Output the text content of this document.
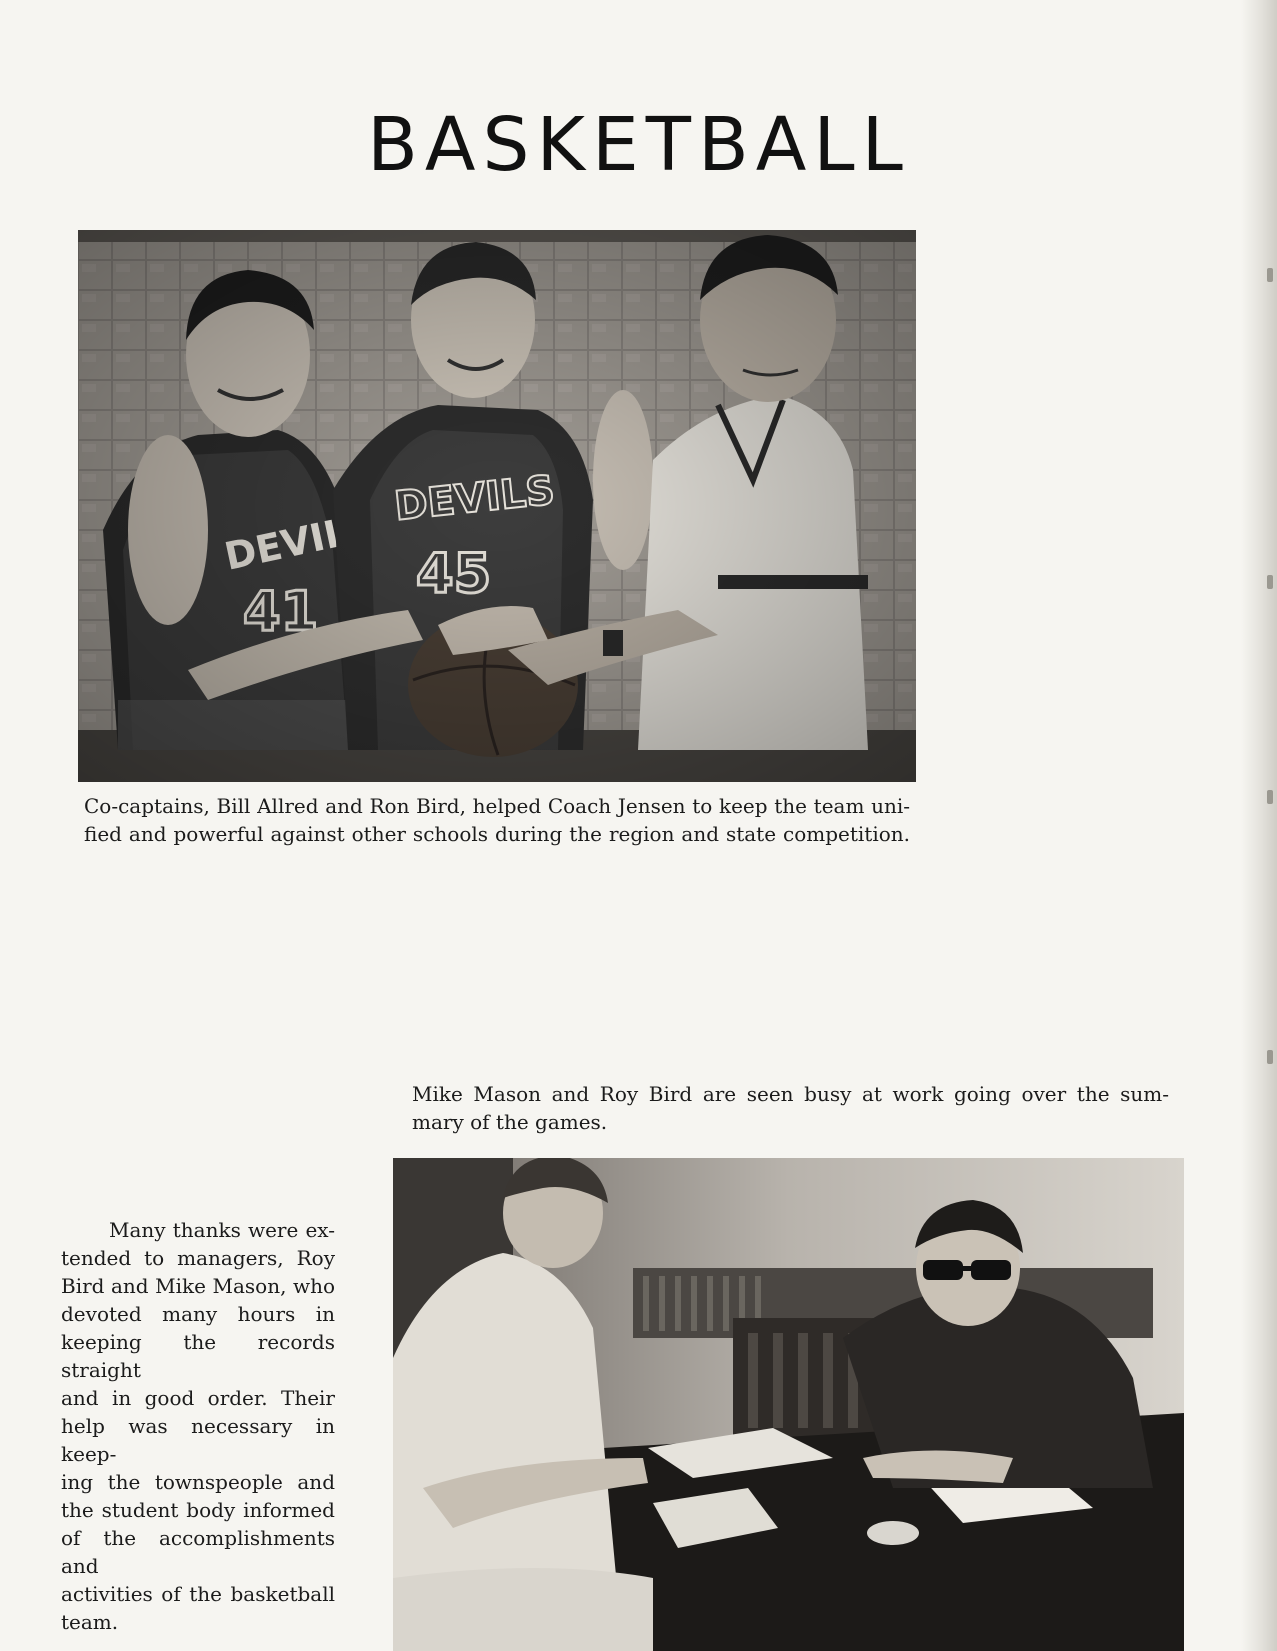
BASKETBALL
Co-captains, Bill Allred and Ron Bird, helped Coach Jensen to keep the team uni-
fied and powerful against other schools during the region and state competition.
Mike Mason and Roy Bird are seen busy at work going over the sum-
mary of the games.
Many thanks were ex-
tended to managers, Roy
Bird and Mike Mason, who
devoted many hours in
keeping the records straight
and in good order. Their
help was necessary in keep-
ing the townspeople and
the student body informed
of the accomplishments and
activities of the basketball
team.
